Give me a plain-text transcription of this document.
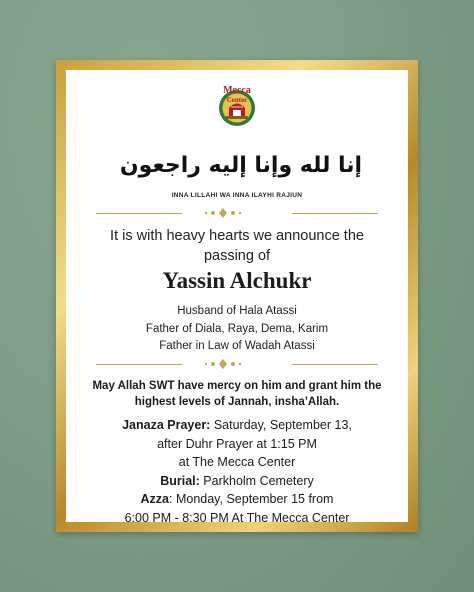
Mecca
Center
إنا لله وإنا إليه راجعون
INNA LILLAHI WA INNA ILAYHI RAJIUN
It is with heavy hearts we announce the passing of
Yassin Alchukr
Husband of Hala Atassi
Father of Diala, Raya, Dema, Karim
Father in Law of Wadah Atassi
May Allah SWT have mercy on him and grant him the highest levels of Jannah, insha’Allah.
Janaza Prayer: Saturday, September 13,
after Duhr Prayer at 1:15 PM
at The Mecca Center
Burial: Parkholm Cemetery
Azza: Monday, September 15 from
6:00 PM - 8:30 PM At The Mecca Center
